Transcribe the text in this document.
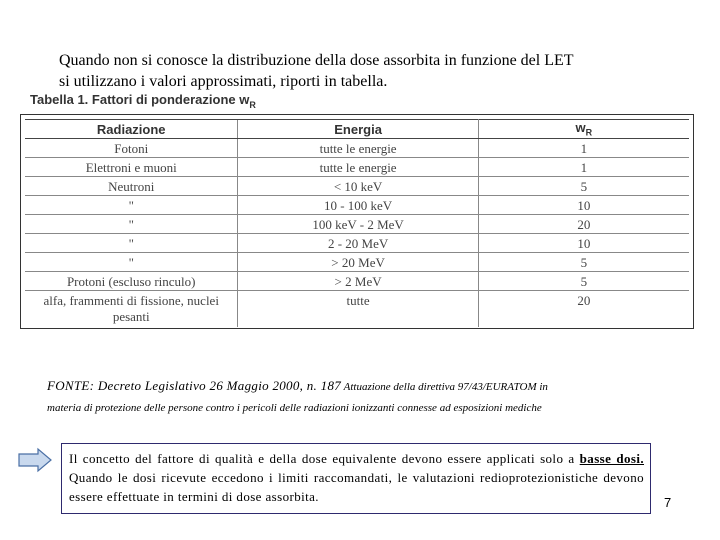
Quando non si conosce la distribuzione della dose assorbita in funzione del LET

si utilizzano i valori approssimati, riporti in tabella.

Tabella 1. Fattori di ponderazione $w_R$
Radiazione	Energia	$w_R$
Fotoni	tutte le energie	1
Elettroni e muoni	tutte le energie	1
Neutroni	< 10 keV	5
"	10 - 100 keV	10
"	100 keV - 2 MeV	20
"	2 - 20 MeV	10
"	> 20 MeV	5
Protoni (escluso rinculo)	> 2 MeV	5
alfa, frammenti di fissione, nuclei
pesanti	tutte	20
FONTE: Decreto Legislativo 26 Maggio 2000, n. 187 Attuazione della direttiva 97/43/EURATOM in
materia di protezione delle persone contro i pericoli delle radiazioni ionizzanti connesse ad esposizioni mediche
Il concetto del fattore di qualità e della dose equivalente devono essere applicati solo a basse dosi. Quando le dosi ricevute eccedono i limiti raccomandati, le valutazioni redioprotezionistiche devono essere effettuate in termini di dose assorbita.	7
